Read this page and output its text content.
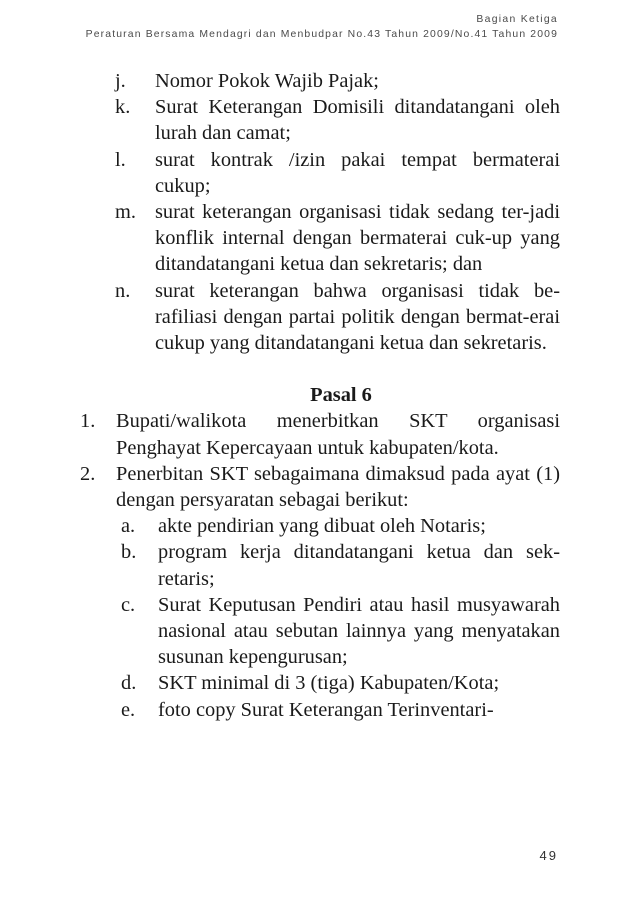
Bagian Ketiga
Peraturan Bersama Mendagri dan Menbudpar No.43 Tahun 2009/No.41 Tahun 2009
j.	Nomor Pokok Wajib Pajak;
k.	Surat Keterangan Domisili ditandatangani oleh lurah dan camat;
l.	surat kontrak /izin pakai tempat bermaterai cukup;
m. surat keterangan organisasi tidak sedang ter-jadi konflik internal dengan bermaterai cuk-up yang ditandatangani ketua dan sekretaris; dan
n.	surat keterangan bahwa organisasi tidak be-rafiliasi dengan partai politik dengan bermat-erai cukup yang ditandatangani ketua dan sekretaris.
Pasal 6
1.	Bupati/walikota menerbitkan SKT organisasi Penghayat Kepercayaan untuk kabupaten/kota.
2.	Penerbitan SKT sebagaimana dimaksud pada ayat (1) dengan persyaratan sebagai berikut:
a.	akte pendirian yang dibuat oleh Notaris;
b.	program kerja ditandatangani ketua dan sek-retaris;
c.	Surat Keputusan Pendiri atau hasil musyawarah nasional atau sebutan lainnya yang menyatakan susunan kepengurusan;
d.	SKT minimal di 3 (tiga) Kabupaten/Kota;
e.	foto copy Surat Keterangan Terinventari-
49
